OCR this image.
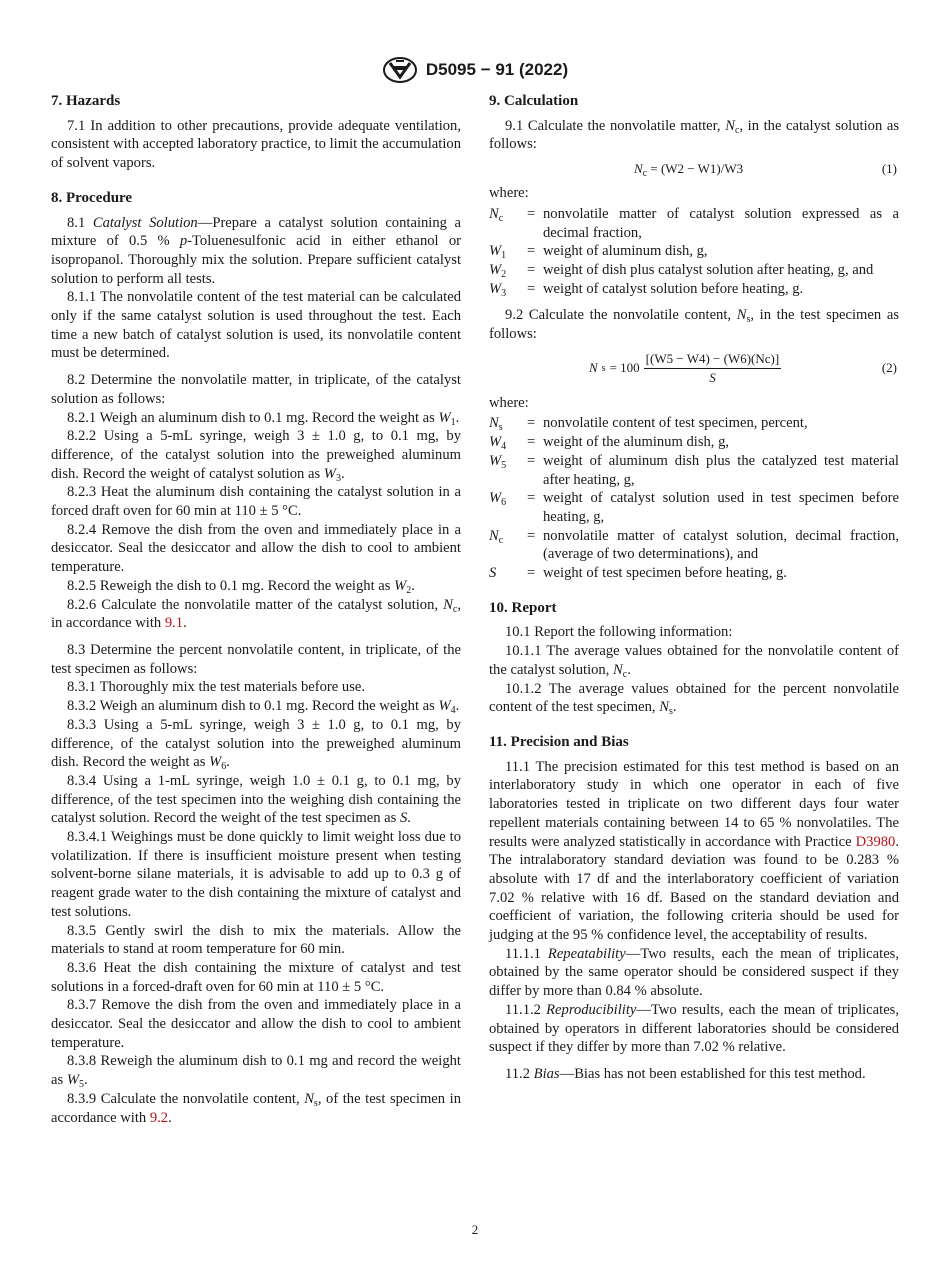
D5095 − 91 (2022)
7. Hazards

7.1 In addition to other precautions, provide adequate ventilation, consistent with accepted laboratory practice, to limit the accumulation of solvent vapors.

8. Procedure

8.1 Catalyst Solution—Prepare a catalyst solution containing a mixture of 0.5 % p-Toluenesulfonic acid in either ethanol or isopropanol. Thoroughly mix the solution. Prepare sufficient catalyst solution to perform all tests.

8.1.1 The nonvolatile content of the test material can be calculated only if the same catalyst solution is used throughout the test. Each time a new batch of catalyst solution is used, its nonvolatile content must be determined.

8.2 Determine the nonvolatile matter, in triplicate, of the catalyst solution as follows:

8.2.1 Weigh an aluminum dish to 0.1 mg. Record the weight as $W_1$.

8.2.2 Using a 5-mL syringe, weigh 3 ± 1.0 g, to 0.1 mg, by difference, of the catalyst solution into the preweighed aluminum dish. Record the weight of catalyst solution as $W_3$.

8.2.3 Heat the aluminum dish containing the catalyst solution in a forced draft oven for 60 min at 110 ± 5 °C.

8.2.4 Remove the dish from the oven and immediately place in a desiccator. Seal the desiccator and allow the dish to cool to ambient temperature.

8.2.5 Reweigh the dish to 0.1 mg. Record the weight as $W_2$.

8.2.6 Calculate the nonvolatile matter of the catalyst solution, $N_c$, in accordance with 9.1.

8.3 Determine the percent nonvolatile content, in triplicate, of the test specimen as follows:

8.3.1 Thoroughly mix the test materials before use.

8.3.2 Weigh an aluminum dish to 0.1 mg. Record the weight as $W_4$.

8.3.3 Using a 5-mL syringe, weigh 3 ± 1.0 g, to 0.1 mg, by difference, of the catalyst solution into the preweighed aluminum dish. Record the weight as $W_6$.

8.3.4 Using a 1-mL syringe, weigh 1.0 ± 0.1 g, to 0.1 mg, by difference, of the test specimen into the weighing dish containing the catalyst solution. Record the weight of the test specimen as S.

8.3.4.1 Weighings must be done quickly to limit weight loss due to volatilization. If there is insufficient moisture present when testing solvent-borne silane materials, it is advisable to add up to 0.3 g of reagent grade water to the dish containing the mixture of catalyst and test solutions.

8.3.5 Gently swirl the dish to mix the materials. Allow the materials to stand at room temperature for 60 min.

8.3.6 Heat the dish containing the mixture of catalyst and test solutions in a forced-draft oven for 60 min at 110 ± 5 °C.

8.3.7 Remove the dish from the oven and immediately place in a desiccator. Seal the desiccator and allow the dish to cool to ambient temperature.

8.3.8 Reweigh the aluminum dish to 0.1 mg and record the weight as $W_5$.

8.3.9 Calculate the nonvolatile content, $N_s$, of the test specimen in accordance with 9.2.

9. Calculation

9.1 Calculate the nonvolatile matter, $N_c$, in the catalyst solution as follows:

$N_c = (W2 - W1)/W3$	(1)

where:

$N_c$	= nonvolatile matter of catalyst solution expressed as a decimal fraction,
$W_1$	= weight of aluminum dish, g,
$W_2$	= weight of dish plus catalyst solution after heating, g, and
$W_3$	= weight of catalyst solution before heating, g.

9.2 Calculate the nonvolatile content, $N_s$, in the test specimen as follows:

N $s = 100 \frac{[(W5 - W4) - (W6)(Nc)]}{S}$	(2)

where:

$N_s$	= nonvolatile content of test specimen, percent,
$W_4$	= weight of the aluminum dish, g,
$W_5$	= weight of aluminum dish plus the catalyzed test material after heating, g,
$W_6$	= weight of catalyst solution used in test specimen before heating, g,
$N_c$	= nonvolatile matter of catalyst solution, decimal fraction, (average of two determinations), and
S	= weight of test specimen before heating, g.
10. Report

10.1 Report the following information:

10.1.1 The average values obtained for the nonvolatile content of the catalyst solution, $N_c$.

10.1.2 The average values obtained for the percent nonvolatile content of the test specimen, $N_s$.

11. Precision and Bias

11.1 The precision estimated for this test method is based on an interlaboratory study in which one operator in each of five laboratories tested in triplicate on two different days four water repellent materials containing between 14 to 65 % nonvolatiles. The results were analyzed statistically in accordance with Practice D3980. The intralaboratory standard deviation was found to be 0.283 % absolute with 17 df and the interlaboratory coefficient of variation 7.02 % relative with 16 df. Based on the standard deviation and coefficient of variation, the following criteria should be used for judging at the 95 % confidence level, the acceptability of results.

11.1.1 Repeatability—Two results, each the mean of triplicates, obtained by the same operator should be considered suspect if they differ by more than 0.84 % absolute.

11.1.2 Reproducibility—Two results, each the mean of triplicates, obtained by operators in different laboratories should be considered suspect if they differ by more than 7.02 % relative.

11.2 Bias—Bias has not been established for this test method.

2
